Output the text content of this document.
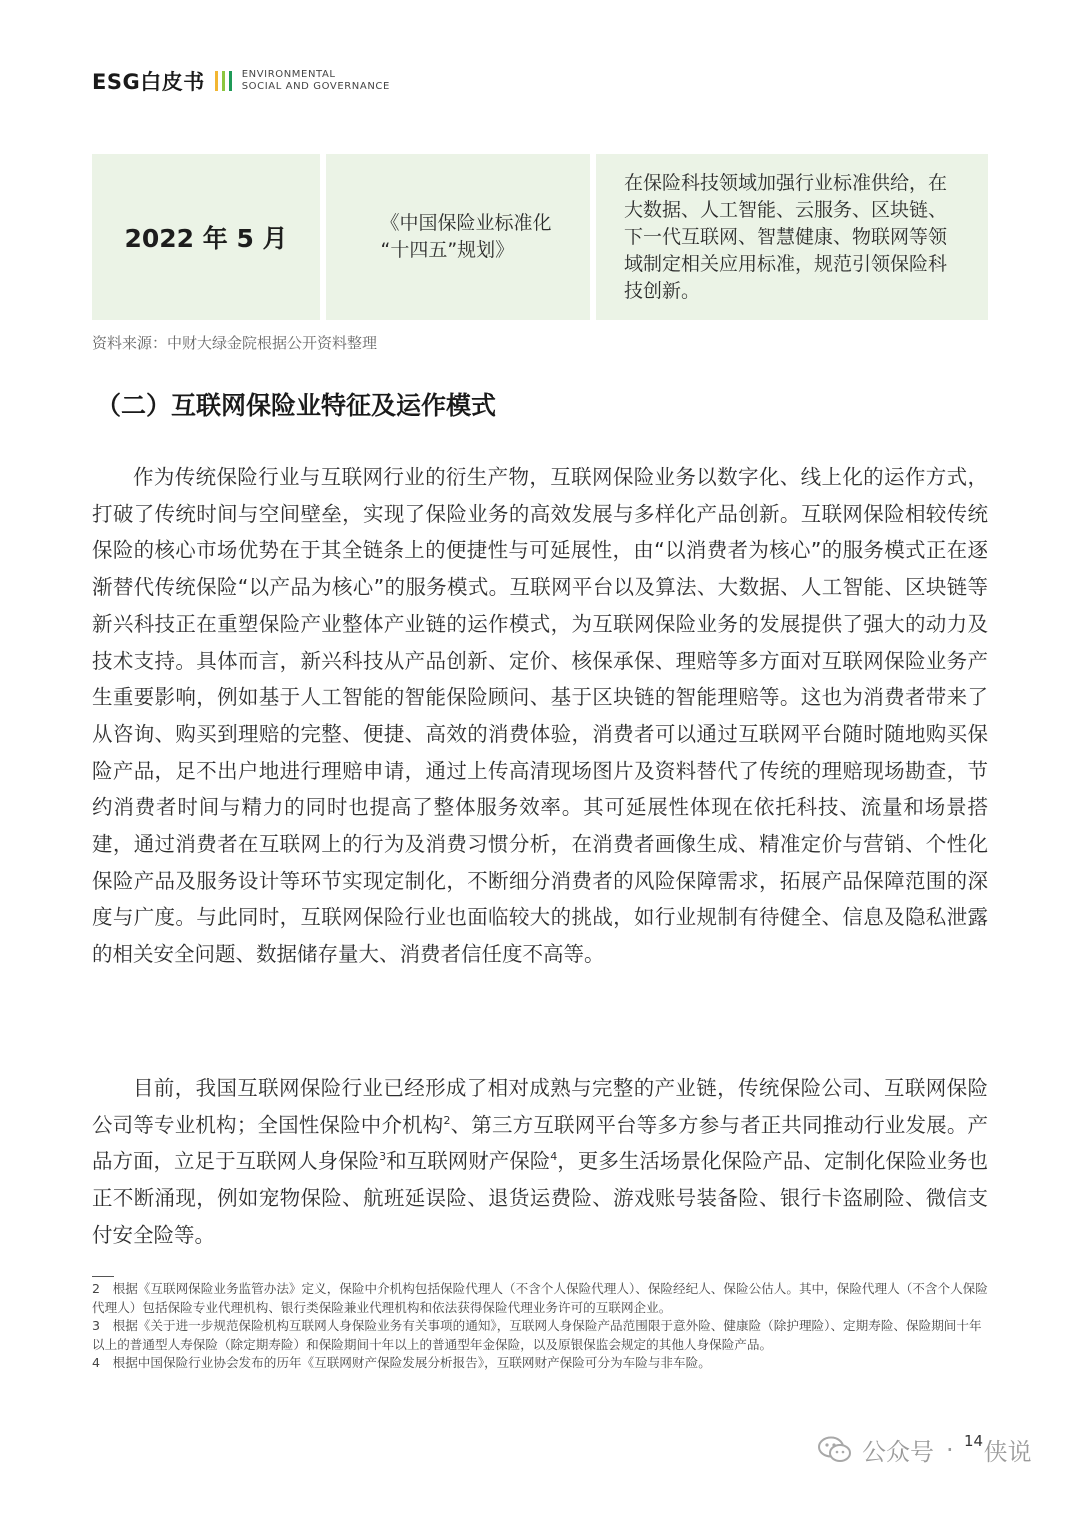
ESG白皮书	ENVIRONMENTAL
SOCIAL AND GOVERNANCE
2022 年 5 月
《中国保险业标准化
“十四五”规划》
在保险科技领域加强行业标准供给，在大数据、人工智能、云服务、区块链、下一代互联网、智慧健康、物联网等领域制定相关应用标准，规范引领保险科技创新。
资料来源：中财大绿金院根据公开资料整理
（二）互联网保险业特征及运作模式

作为传统保险行业与互联网行业的衍生产物，互联网保险业务以数字化、线上化的运作方式，打破了传统时间与空间壁垒，实现了保险业务的高效发展与多样化产品创新。互联网保险相较传统保险的核心市场优势在于其全链条上的便捷性与可延展性，由“以消费者为核心”的服务模式正在逐渐替代传统保险“以产品为核心”的服务模式。互联网平台以及算法、大数据、人工智能、区块链等新兴科技正在重塑保险产业整体产业链的运作模式，为互联网保险业务的发展提供了强大的动力及技术支持。具体而言，新兴科技从产品创新、定价、核保承保、理赔等多方面对互联网保险业务产生重要影响，例如基于人工智能的智能保险顾问、基于区块链的智能理赔等。这也为消费者带来了从咨询、购买到理赔的完整、便捷、高效的消费体验，消费者可以通过互联网平台随时随地购买保险产品，足不出户地进行理赔申请，通过上传高清现场图片及资料替代了传统的理赔现场勘查，节约消费者时间与精力的同时也提高了整体服务效率。其可延展性体现在依托科技、流量和场景搭建，通过消费者在互联网上的行为及消费习惯分析，在消费者画像生成、精准定价与营销、个性化保险产品及服务设计等环节实现定制化，不断细分消费者的风险保障需求，拓展产品保障范围的深度与广度。与此同时，互联网保险行业也面临较大的挑战，如行业规制有待健全、信息及隐私泄露的相关安全问题、数据储存量大、消费者信任度不高等。

目前，我国互联网保险行业已经形成了相对成熟与完整的产业链，传统保险公司、互联网保险公司等专业机构；全国性保险中介机构$^2$、第三方互联网平台等多方参与者正共同推动行业发展。产品方面，立足于互联网人身保险$^3$和互联网财产保险$^4$，更多生活场景化保险产品、定制化保险业务也正不断涌现，例如宠物保险、航班延误险、退货运费险、游戏账号装备险、银行卡盗刷险、微信支付安全险等。

2　根据《互联网保险业务监管办法》定义，保险中介机构包括保险代理人（不含个人保险代理人）、保险经纪人、保险公估人。其中，保险代理人（不含个人保险代理人）包括保险专业代理机构、银行类保险兼业代理机构和依法获得保险代理业务许可的互联网企业。

3　根据《关于进一步规范保险机构互联网人身保险业务有关事项的通知》，互联网人身保险产品范围限于意外险、健康险（除护理险）、定期寿险、保险期间十年以上的普通型人寿保险（除定期寿险）和保险期间十年以上的普通型年金保险，以及原银保监会规定的其他人身保险产品。

4　根据中国保险行业协会发布的历年《互联网财产保险发展分析报告》，互联网财产保险可分为车险与非车险。

公众号 · 侠说
14
